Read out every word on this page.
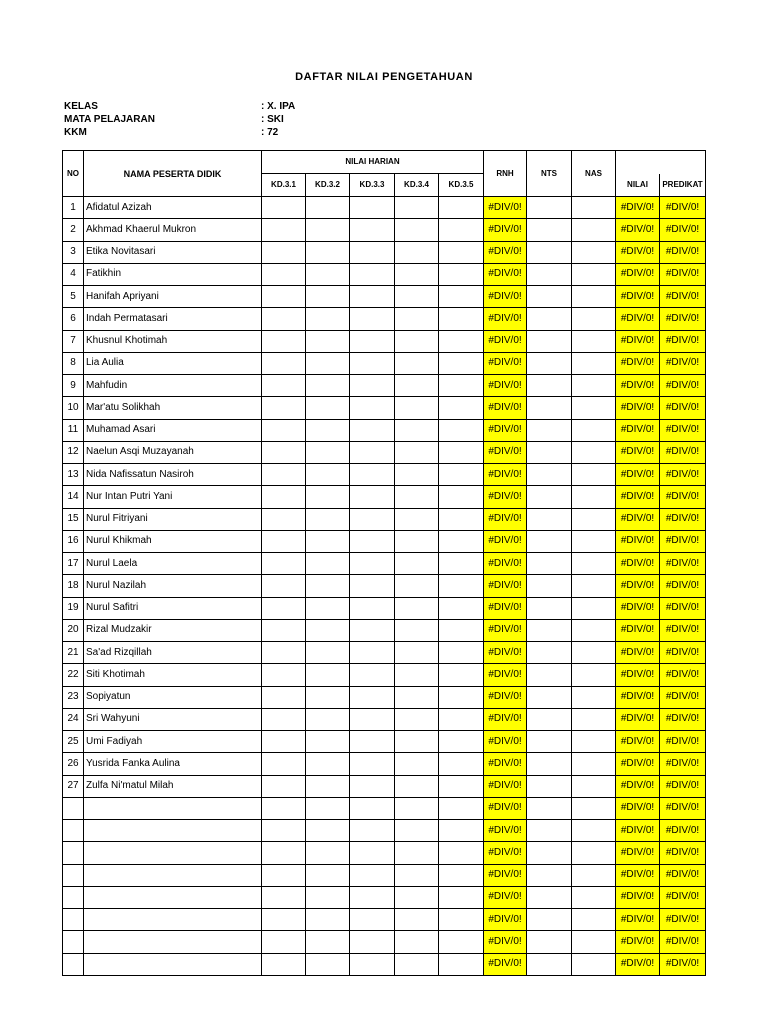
DAFTAR NILAI PENGETAHUAN
KELAS	: X. IPA
MATA PELAJARAN	: SKI
KKM	: 72
NO	NAMA PESERTA DIDIK	NILAI HARIAN					RNH	NTS	NAS		
		KD.3.1	KD.3.2	KD.3.3	KD.3.4	KD.3.5				NILAI	PREDIKAT
1	Afidatul Azizah						#DIV/0!			#DIV/0!	#DIV/0!
2	Akhmad Khaerul Mukron						#DIV/0!			#DIV/0!	#DIV/0!
3	Etika Novitasari						#DIV/0!			#DIV/0!	#DIV/0!
4	Fatikhin						#DIV/0!			#DIV/0!	#DIV/0!
5	Hanifah Apriyani						#DIV/0!			#DIV/0!	#DIV/0!
6	Indah Permatasari						#DIV/0!			#DIV/0!	#DIV/0!
7	Khusnul Khotimah						#DIV/0!			#DIV/0!	#DIV/0!
8	Lia Aulia						#DIV/0!			#DIV/0!	#DIV/0!
9	Mahfudin						#DIV/0!			#DIV/0!	#DIV/0!
10	Mar'atu Solikhah						#DIV/0!			#DIV/0!	#DIV/0!
11	Muhamad Asari						#DIV/0!			#DIV/0!	#DIV/0!
12	Naelun Asqi Muzayanah						#DIV/0!			#DIV/0!	#DIV/0!
13	Nida Nafissatun Nasiroh						#DIV/0!			#DIV/0!	#DIV/0!
14	Nur Intan Putri Yani						#DIV/0!			#DIV/0!	#DIV/0!
15	Nurul Fitriyani						#DIV/0!			#DIV/0!	#DIV/0!
16	Nurul Khikmah						#DIV/0!			#DIV/0!	#DIV/0!
17	Nurul Laela						#DIV/0!			#DIV/0!	#DIV/0!
18	Nurul Nazilah						#DIV/0!			#DIV/0!	#DIV/0!
19	Nurul Safitri						#DIV/0!			#DIV/0!	#DIV/0!
20	Rizal Mudzakir						#DIV/0!			#DIV/0!	#DIV/0!
21	Sa'ad Rizqillah						#DIV/0!			#DIV/0!	#DIV/0!
22	Siti Khotimah						#DIV/0!			#DIV/0!	#DIV/0!
23	Sopiyatun						#DIV/0!			#DIV/0!	#DIV/0!
24	Sri Wahyuni						#DIV/0!			#DIV/0!	#DIV/0!
25	Umi Fadiyah						#DIV/0!			#DIV/0!	#DIV/0!
26	Yusrida Fanka Aulina						#DIV/0!			#DIV/0!	#DIV/0!
27	Zulfa Ni'matul Milah						#DIV/0!			#DIV/0!	#DIV/0!
							#DIV/0!			#DIV/0!	#DIV/0!
							#DIV/0!			#DIV/0!	#DIV/0!
							#DIV/0!			#DIV/0!	#DIV/0!
							#DIV/0!			#DIV/0!	#DIV/0!
							#DIV/0!			#DIV/0!	#DIV/0!
							#DIV/0!			#DIV/0!	#DIV/0!
							#DIV/0!			#DIV/0!	#DIV/0!
							#DIV/0!			#DIV/0!	#DIV/0!
